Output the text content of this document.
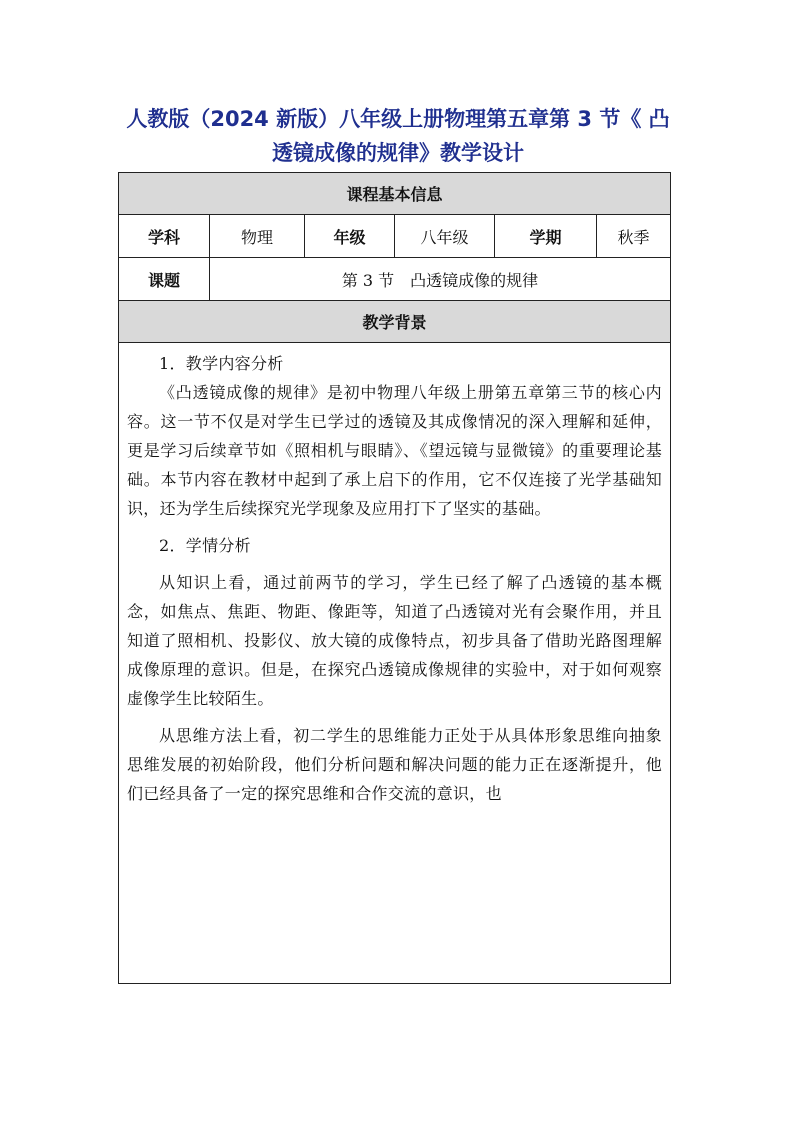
人教版（2024 新版）八年级上册物理第五章第 3 节《 凸
透镜成像的规律》教学设计
课程基本信息
学科	物理	年级	八年级	学期	秋季
课题	第 3 节　凸透镜成像的规律
教学背景

1．教学内容分析

《凸透镜成像的规律》是初中物理八年级上册第五章第三节的核心内容。这一节不仅是对学生已学过的透镜及其成像情况的深入理解和延伸，更是学习后续章节如《照相机与眼睛》、《望远镜与显微镜》的重要理论基础。本节内容在教材中起到了承上启下的作用，它不仅连接了光学基础知识，还为学生后续探究光学现象及应用打下了坚实的基础。

2．学情分析

从知识上看，通过前两节的学习，学生已经了解了凸透镜的基本概念，如焦点、焦距、物距、像距等，知道了凸透镜对光有会聚作用，并且知道了照相机、投影仪、放大镜的成像特点，初步具备了借助光路图理解成像原理的意识。但是，在探究凸透镜成像规律的实验中，对于如何观察虚像学生比较陌生。

从思维方法上看，初二学生的思维能力正处于从具体形象思维向抽象思维发展的初始阶段，他们分析问题和解决问题的能力正在逐渐提升，他们已经具备了一定的探究思维和合作交流的意识，也
